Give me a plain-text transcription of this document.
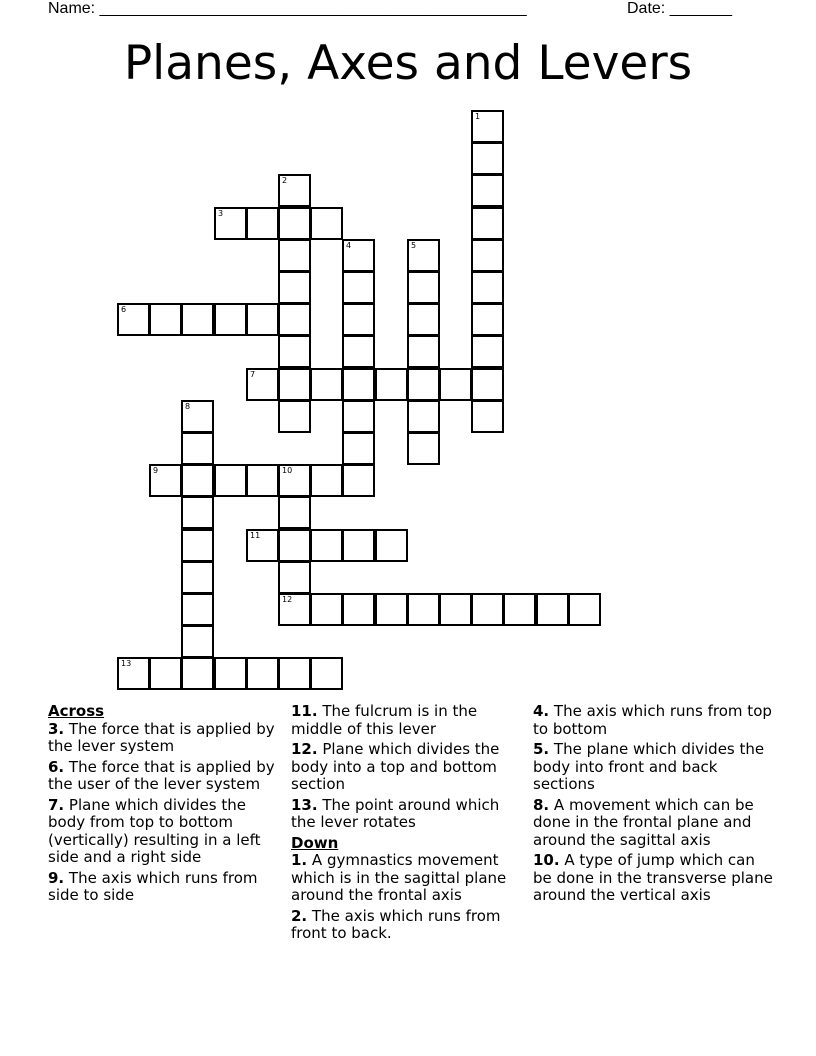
Name: ________________________________________________	Date: _______
Planes, Axes and Levers
1
2
3
4	5
6
7
8
9	10
12
11
13
Across

3. The force that is applied by the lever system

6. The force that is applied by the user of the lever system

7. Plane which divides the body from top to bottom (vertically) resulting in a left side and a right side

9. The axis which runs from side to side

11. The fulcrum is in the middle of this lever

12. Plane which divides the body into a top and bottom section

13. The point around which the lever rotates

Down

1. A gymnastics movement which is in the sagittal plane around the frontal axis

2. The axis which runs from front to back.

4. The axis which runs from top to bottom

5. The plane which divides the body into front and back sections

8. A movement which can be done in the frontal plane and around the sagittal axis

10. A type of jump which can be done in the transverse plane around the vertical axis
